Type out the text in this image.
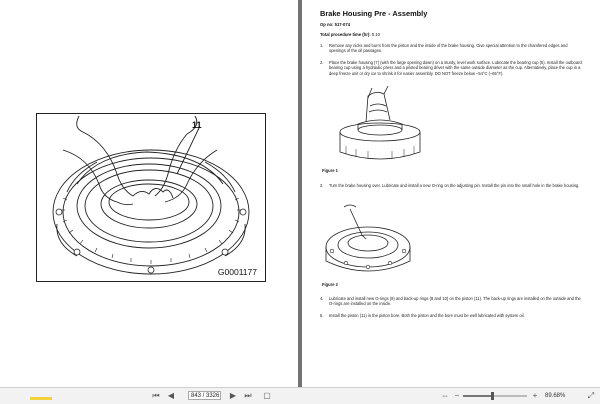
11
G0001177
Brake Housing Pre - Assembly
Op no: 517-074
Total procedure time (hr): 0.10
1.	Remove any nicks and burrs from the piston and the inside of the brake housing. Give special attention to the chamfered edges and openings of the oil passages.
2.	Place the brake housing (7) (with the large opening down) on a sturdy, level work surface. Lubricate the bearing cup (5). Install the outboard bearing cup using a hydraulic press and a piloted bearing driver with the same outside diameter as the cup. Alternatively, place the cup in a deep freeze unit or dry ice to shrink it for easier assembly. DO NOT freeze below –54°C (–65°F).
Figure 1
3.	Turn the brake housing over. Lubricate and install a new O-ring on the adjusting pin. Install the pin into the small hole in the brake housing.
Figure 2
4.	Lubricate and install new O-rings (9) and back-up rings (8 and 10) on the piston (11). The back-up rings are installed on the outside and the O-rings are installed on the inside.
5.	Install the piston (11) in the piston bore. Both the piston and the bore must be well lubricated with system oil.
⏮ ◀	843 / 3326 ▶ ⏭ ▢	⇔ −	+	89.68%	⤢
